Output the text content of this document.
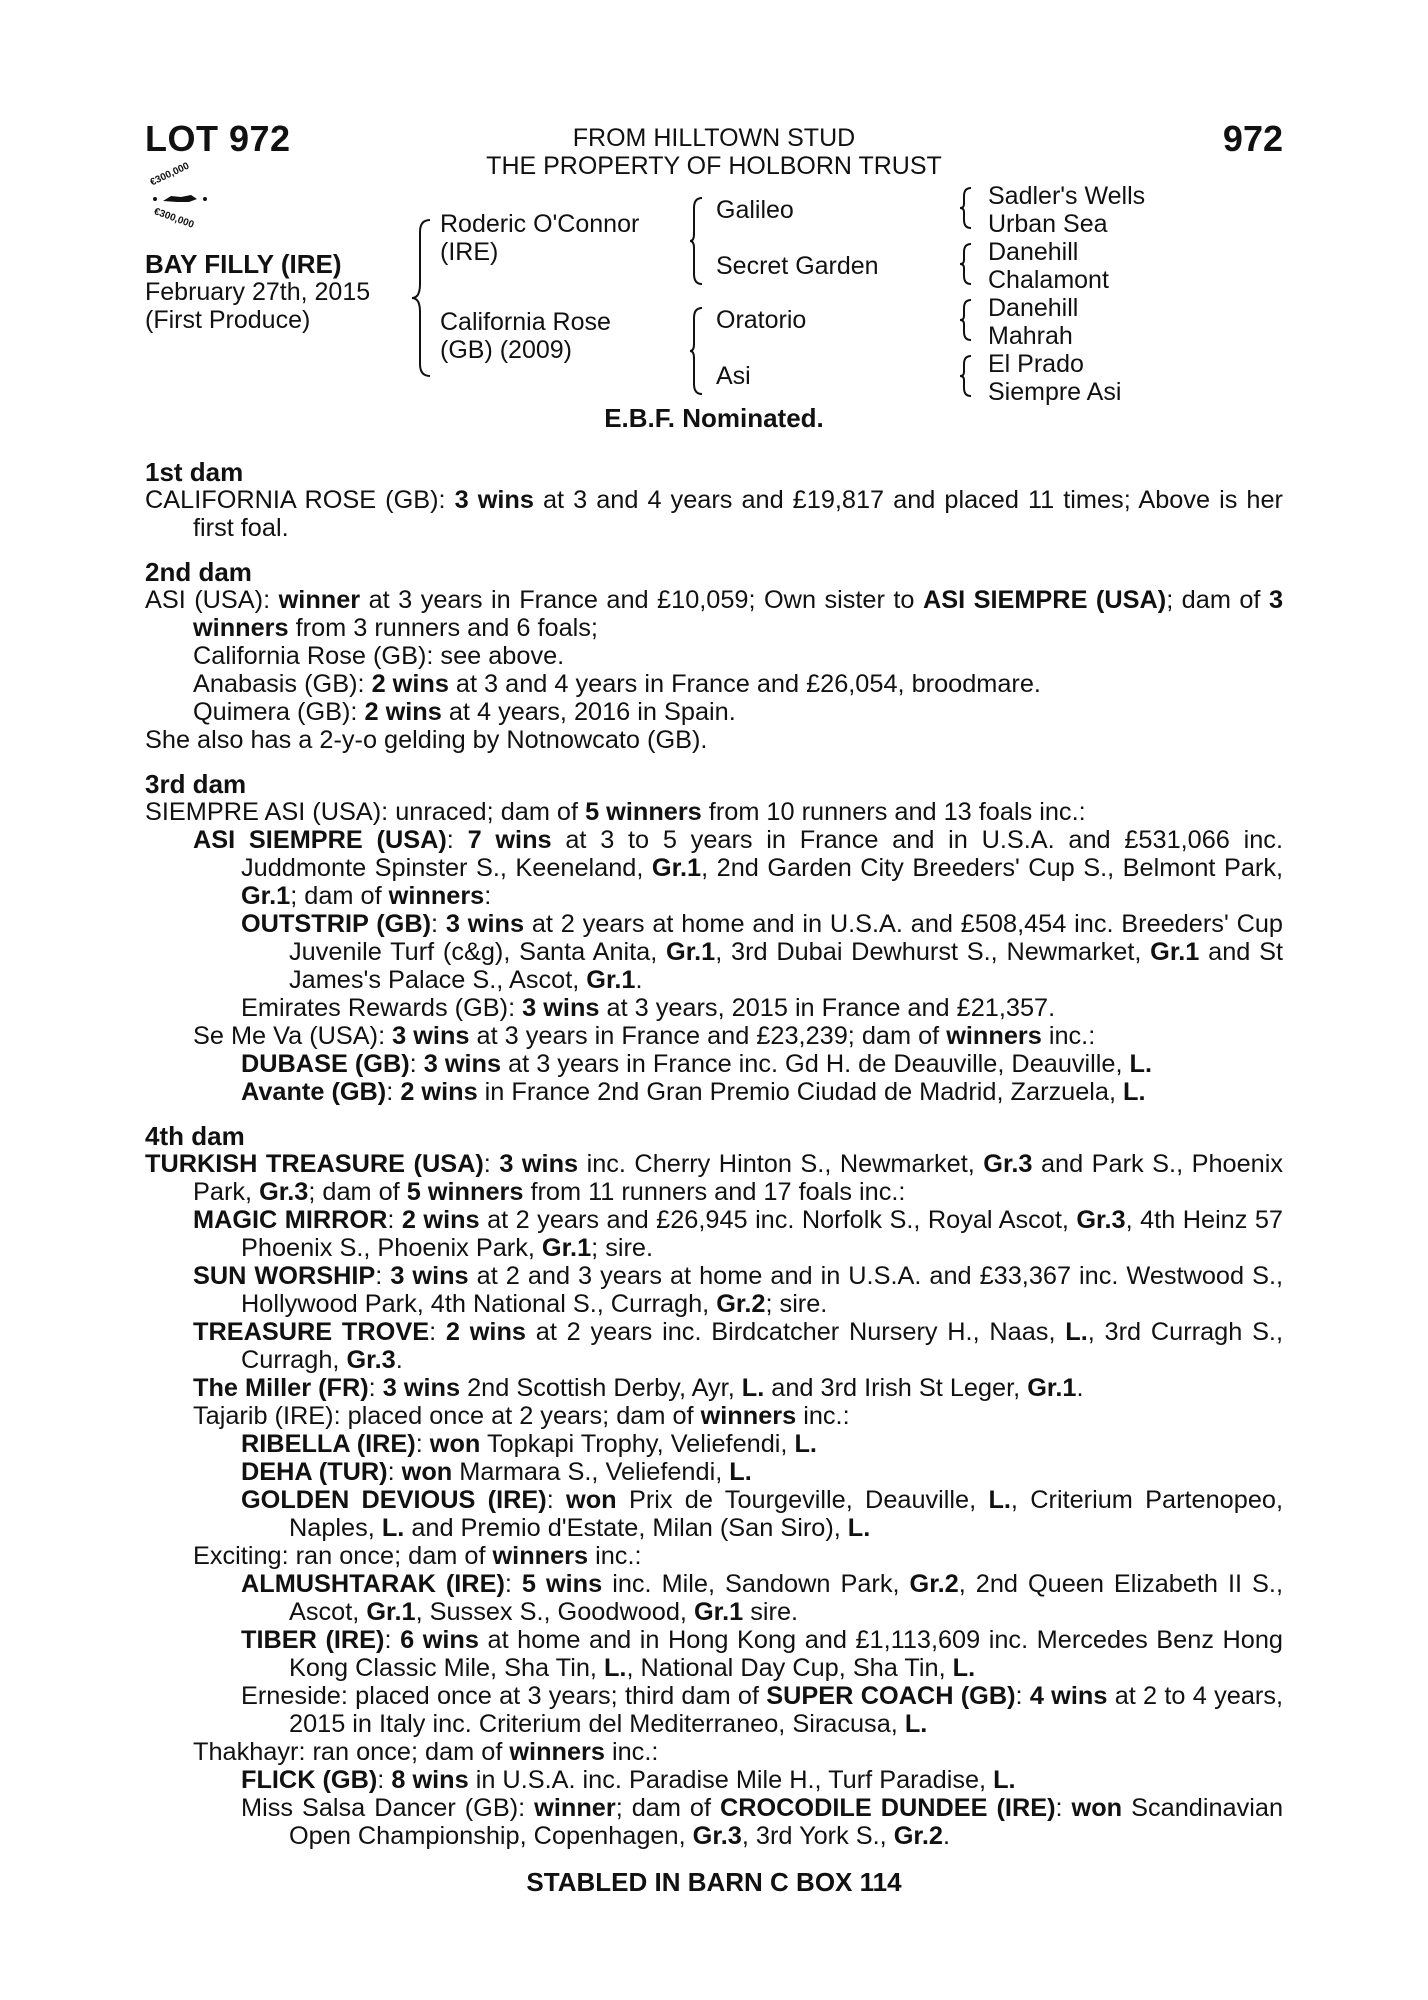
LOT 972	972
FROM HILLTOWN STUD
THE PROPERTY OF HOLBORN TRUST
€300,000
€300,000
BAY FILLY (IRE)
February 27th, 2015
(First Produce)
Roderic O'Connor (IRE)
California Rose (GB) (2009)
Galileo
Secret Garden
Oratorio
Asi
Sadler's Wells
Urban Sea
Danehill
Chalamont
Danehill
Mahrah
El Prado
Siempre Asi
E.B.F. Nominated.
1st dam

CALIFORNIA ROSE (GB): 3 wins at 3 and 4 years and £19,817 and placed 11 times; Above is her first foal.

2nd dam

ASI (USA): winner at 3 years in France and £10,059; Own sister to ASI SIEMPRE (USA); dam of 3 winners from 3 runners and 6 foals;

California Rose (GB): see above.

Anabasis (GB): 2 wins at 3 and 4 years in France and £26,054, broodmare.

Quimera (GB): 2 wins at 4 years, 2016 in Spain.

She also has a 2-y-o gelding by Notnowcato (GB).

3rd dam

SIEMPRE ASI (USA): unraced; dam of 5 winners from 10 runners and 13 foals inc.:

ASI SIEMPRE (USA): 7 wins at 3 to 5 years in France and in U.S.A. and £531,066 inc. Juddmonte Spinster S., Keeneland, Gr.1, 2nd Garden City Breeders' Cup S., Belmont Park, Gr.1; dam of winners:

OUTSTRIP (GB): 3 wins at 2 years at home and in U.S.A. and £508,454 inc. Breeders' Cup Juvenile Turf (c&g), Santa Anita, Gr.1, 3rd Dubai Dewhurst S., Newmarket, Gr.1 and St James's Palace S., Ascot, Gr.1.

Emirates Rewards (GB): 3 wins at 3 years, 2015 in France and £21,357.

Se Me Va (USA): 3 wins at 3 years in France and £23,239; dam of winners inc.:

DUBASE (GB): 3 wins at 3 years in France inc. Gd H. de Deauville, Deauville, L.

Avante (GB): 2 wins in France 2nd Gran Premio Ciudad de Madrid, Zarzuela, L.

4th dam

TURKISH TREASURE (USA): 3 wins inc. Cherry Hinton S., Newmarket, Gr.3 and Park S., Phoenix Park, Gr.3; dam of 5 winners from 11 runners and 17 foals inc.:

MAGIC MIRROR: 2 wins at 2 years and £26,945 inc. Norfolk S., Royal Ascot, Gr.3, 4th Heinz 57 Phoenix S., Phoenix Park, Gr.1; sire.

SUN WORSHIP: 3 wins at 2 and 3 years at home and in U.S.A. and £33,367 inc. Westwood S., Hollywood Park, 4th National S., Curragh, Gr.2; sire.

TREASURE TROVE: 2 wins at 2 years inc. Birdcatcher Nursery H., Naas, L., 3rd Curragh S., Curragh, Gr.3.

The Miller (FR): 3 wins 2nd Scottish Derby, Ayr, L. and 3rd Irish St Leger, Gr.1.

Tajarib (IRE): placed once at 2 years; dam of winners inc.:

RIBELLA (IRE): won Topkapi Trophy, Veliefendi, L.

DEHA (TUR): won Marmara S., Veliefendi, L.

GOLDEN DEVIOUS (IRE): won Prix de Tourgeville, Deauville, L., Criterium Partenopeo, Naples, L. and Premio d'Estate, Milan (San Siro), L.

Exciting: ran once; dam of winners inc.:

ALMUSHTARAK (IRE): 5 wins inc. Mile, Sandown Park, Gr.2, 2nd Queen Elizabeth II S., Ascot, Gr.1, Sussex S., Goodwood, Gr.1 sire.

TIBER (IRE): 6 wins at home and in Hong Kong and £1,113,609 inc. Mercedes Benz Hong Kong Classic Mile, Sha Tin, L., National Day Cup, Sha Tin, L.

Erneside: placed once at 3 years; third dam of SUPER COACH (GB): 4 wins at 2 to 4 years, 2015 in Italy inc. Criterium del Mediterraneo, Siracusa, L.

Thakhayr: ran once; dam of winners inc.:

FLICK (GB): 8 wins in U.S.A. inc. Paradise Mile H., Turf Paradise, L.

Miss Salsa Dancer (GB): winner; dam of CROCODILE DUNDEE (IRE): won Scandinavian Open Championship, Copenhagen, Gr.3, 3rd York S., Gr.2.

STABLED IN BARN C BOX 114
